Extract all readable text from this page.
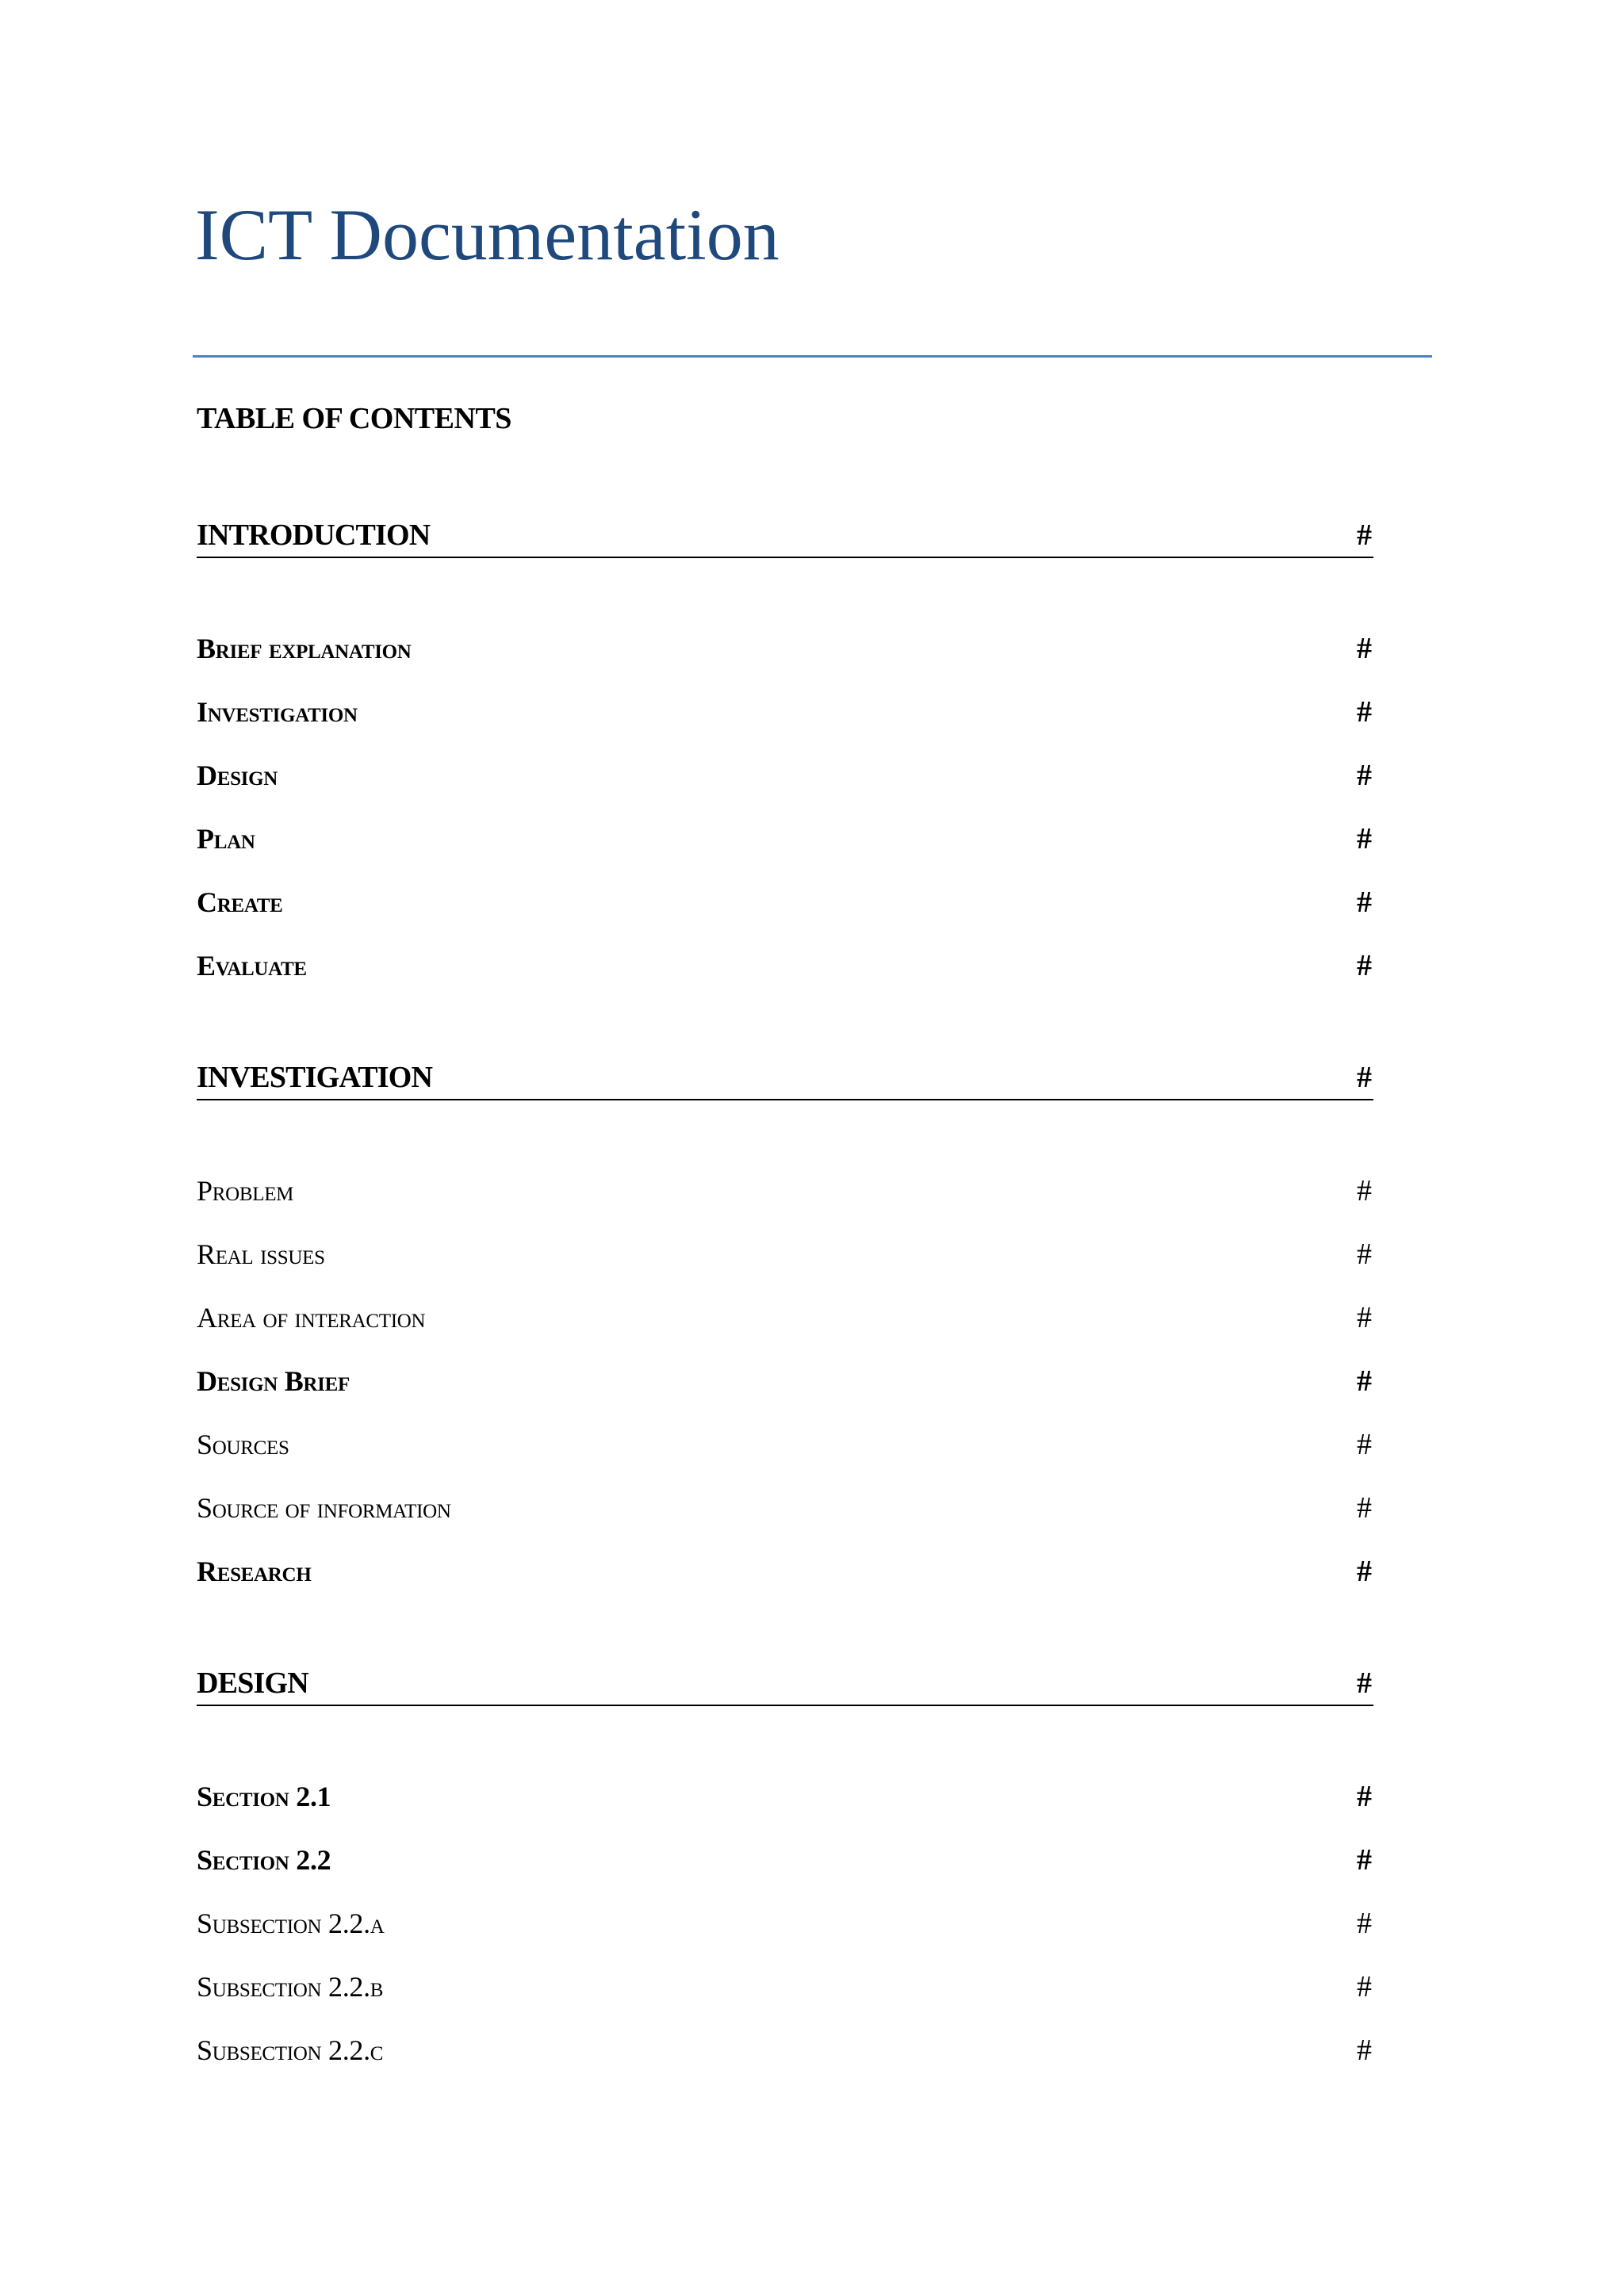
ICT Documentation
TABLE OF CONTENTS
INTRODUCTION	#
Brief explanation	#
Investigation	#
Design	#
Plan	#
Create	#
Evaluate	#
INVESTIGATION	#
Problem	#
Real issues	#
Area of interaction	#
Design Brief	#
Sources	#
Source of information	#
Research	#
DESIGN	#
Section 2.1	#
Section 2.2	#
Subsection 2.2.a	#
Subsection 2.2.b	#
Subsection 2.2.c	#
